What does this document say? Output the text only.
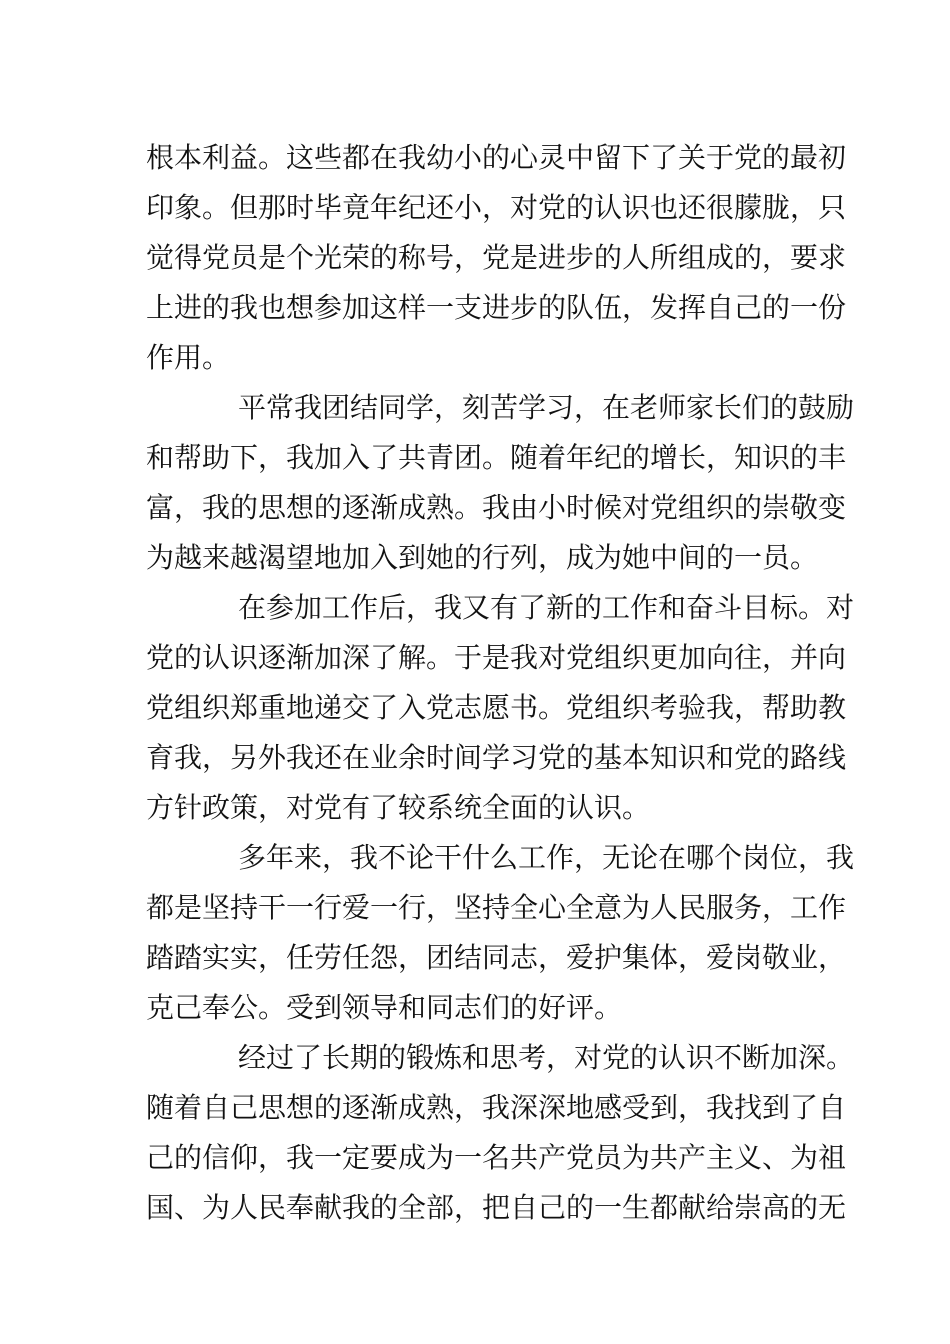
根本利益。这些都在我幼小的心灵中留下了关于党的最初
印象。但那时毕竟年纪还小，对党的认识也还很朦胧，只
觉得党员是个光荣的称号，党是进步的人所组成的，要求
上进的我也想参加这样一支进步的队伍，发挥自己的一份
作用。
平常我团结同学，刻苦学习，在老师家长们的鼓励
和帮助下，我加入了共青团。随着年纪的增长，知识的丰
富，我的思想的逐渐成熟。我由小时候对党组织的崇敬变
为越来越渴望地加入到她的行列，成为她中间的一员。
在参加工作后，我又有了新的工作和奋斗目标。对
党的认识逐渐加深了解。于是我对党组织更加向往，并向
党组织郑重地递交了入党志愿书。党组织考验我，帮助教
育我，另外我还在业余时间学习党的基本知识和党的路线
方针政策，对党有了较系统全面的认识。
多年来，我不论干什么工作，无论在哪个岗位，我
都是坚持干一行爱一行，坚持全心全意为人民服务，工作
踏踏实实，任劳任怨，团结同志，爱护集体，爱岗敬业，
克己奉公。受到领导和同志们的好评。
经过了长期的锻炼和思考，对党的认识不断加深。
随着自己思想的逐渐成熟，我深深地感受到，我找到了自
己的信仰，我一定要成为一名共产党员为共产主义、为祖
国、为人民奉献我的全部，把自己的一生都献给崇高的无
